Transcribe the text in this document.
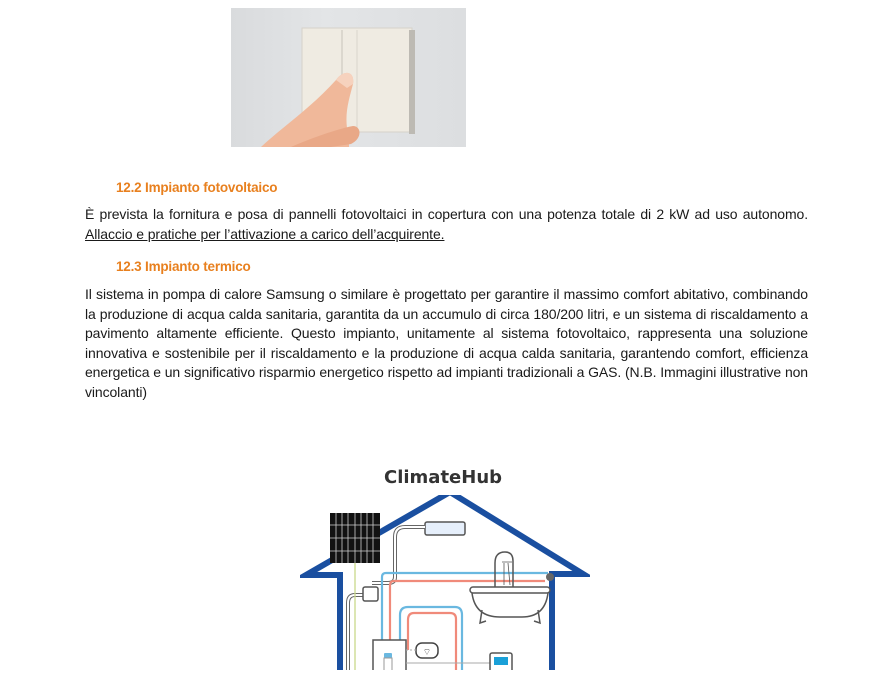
12.2 Impianto fotovoltaico

È prevista la fornitura e posa di pannelli fotovoltaici in copertura con una potenza totale di 2 kW ad uso autonomo. Allaccio e pratiche per l’attivazione a carico dell’acquirente.

12.3 Impianto termico

Il sistema in pompa di calore Samsung o similare è progettato per garantire il massimo comfort abitativo, combinando la produzione di acqua calda sanitaria, garantita da un accumulo di circa 180/200 litri, e un sistema di riscaldamento a pavimento altamente efficiente. Questo impianto, unitamente al sistema fotovoltaico, rappresenta una soluzione innovativa e sostenibile per il riscaldamento e la produzione di acqua calda sanitaria, garantendo comfort, efficienza energetica e un significativo risparmio energetico rispetto ad impianti tradizionali a GAS. (N.B. Immagini illustrative non vincolanti)

ClimateHub
⌔
